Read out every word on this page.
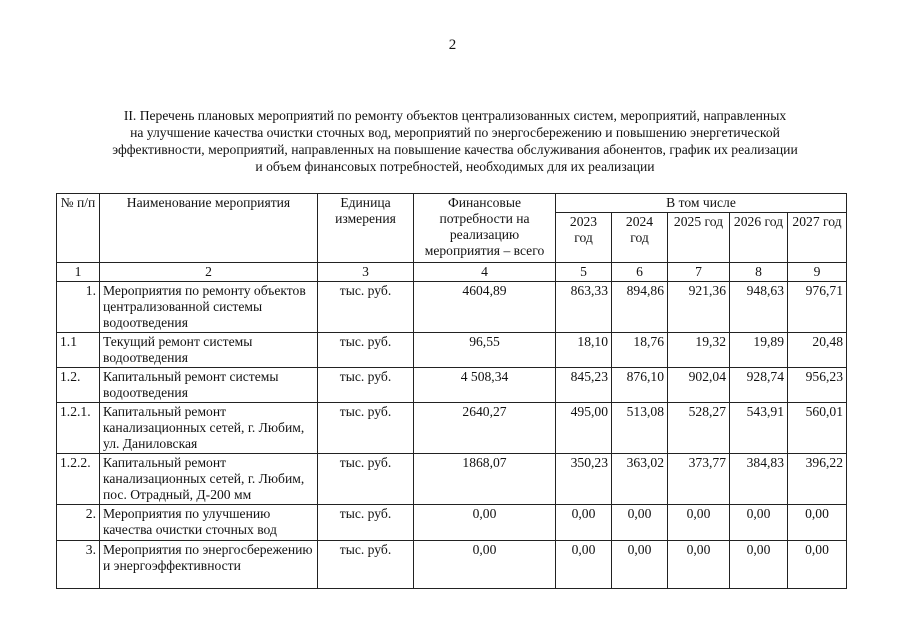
2
II. Перечень плановых мероприятий по ремонту объектов централизованных систем, мероприятий, направленных
на улучшение качества очистки сточных вод, мероприятий по энергосбережению и повышению энергетической
эффективности, мероприятий, направленных на повышение качества обслуживания абонентов, график их реализации
и объем финансовых потребностей, необходимых для их реализации
№ п/п	Наименование мероприятия	Единица измерения	Финансовые потребности на реализацию мероприятия – всего	В том числе				
				2023 год	2024 год	2025 год	2026 год	2027 год
1	2	3	4	5	6	7	8	9
1.	Мероприятия по ремонту объектов централизованной системы водоотведения	тыс. руб.	4604,89	863,33	894,86	921,36	948,63	976,71
1.1	Текущий ремонт системы водоотведения	тыс. руб.	96,55	18,10	18,76	19,32	19,89	20,48
1.2.	Капитальный ремонт системы водоотведения	тыс. руб.	4 508,34	845,23	876,10	902,04	928,74	956,23
1.2.1.	Капитальный ремонт канализационных сетей, г. Любим, ул. Даниловская	тыс. руб.	2640,27	495,00	513,08	528,27	543,91	560,01
1.2.2.	Капитальный ремонт канализационных сетей, г. Любим, пос. Отрадный, Д-200 мм	тыс. руб.	1868,07	350,23	363,02	373,77	384,83	396,22
2.	Мероприятия по улучшению качества очистки сточных вод	тыс. руб.	0,00	0,00	0,00	0,00	0,00	0,00
3.	Мероприятия по энергосбережению и энергоэффективности	тыс. руб.	0,00	0,00	0,00	0,00	0,00	0,00
